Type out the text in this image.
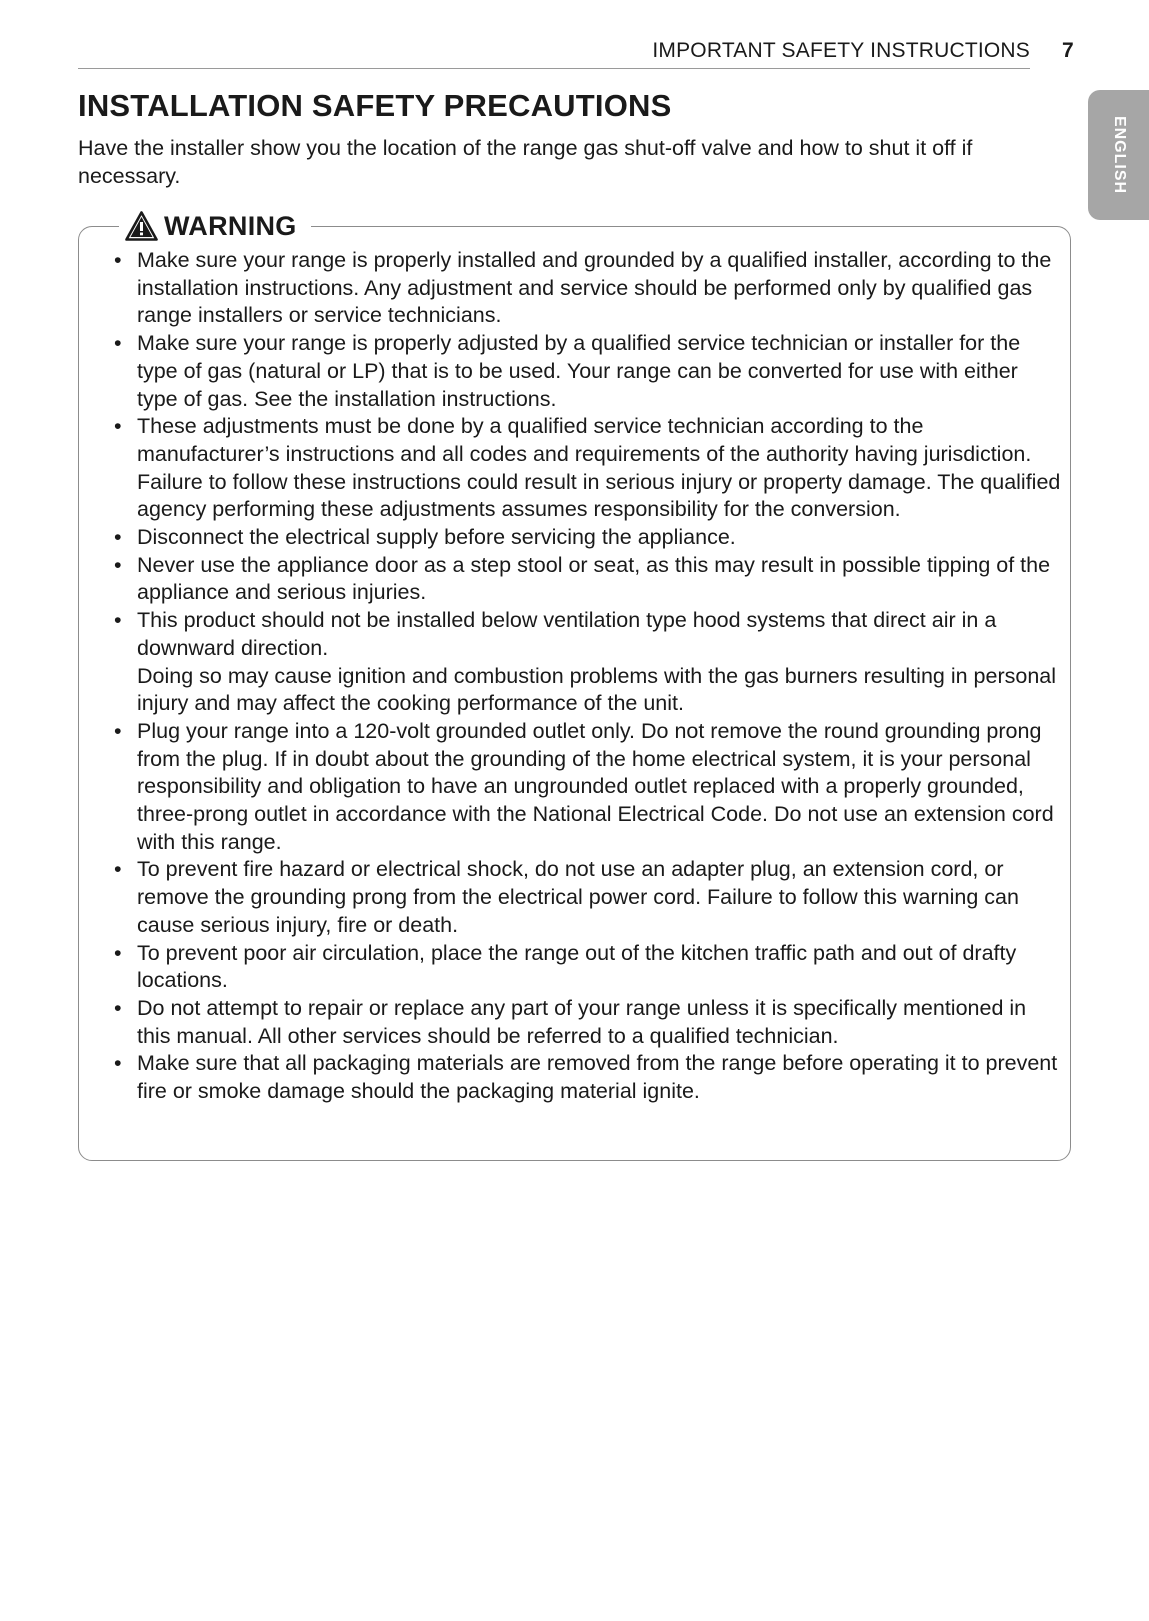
IMPORTANT SAFETY INSTRUCTIONS 7
ENGLISH
INSTALLATION SAFETY PRECAUTIONS

Have the installer show you the location of the range gas shut-off valve and how to shut it off if necessary.

WARNING
• Make sure your range is properly installed and grounded by a qualified installer, according to the installation instructions. Any adjustment and service should be performed only by qualified gas range installers or service technicians.
• Make sure your range is properly adjusted by a qualified service technician or installer for the type of gas (natural or LP) that is to be used. Your range can be converted for use with either type of gas. See the installation instructions.
• These adjustments must be done by a qualified service technician according to the manufacturer’s instructions and all codes and requirements of the authority having jurisdiction. Failure to follow these instructions could result in serious injury or property damage. The qualified agency performing these adjustments assumes responsibility for the conversion.
• Disconnect the electrical supply before servicing the appliance.
• Never use the appliance door as a step stool or seat, as this may result in possible tipping of the appliance and serious injuries.
• This product should not be installed below ventilation type hood systems that direct air in a downward direction.
Doing so may cause ignition and combustion problems with the gas burners resulting in personal injury and may affect the cooking performance of the unit.
• Plug your range into a 120-volt grounded outlet only. Do not remove the round grounding prong from the plug. If in doubt about the grounding of the home electrical system, it is your personal responsibility and obligation to have an ungrounded outlet replaced with a properly grounded, three-prong outlet in accordance with the National Electrical Code. Do not use an extension cord with this range.
• To prevent fire hazard or electrical shock, do not use an adapter plug, an extension cord, or remove the grounding prong from the electrical power cord. Failure to follow this warning can cause serious injury, fire or death.
• To prevent poor air circulation, place the range out of the kitchen traffic path and out of drafty locations.
• Do not attempt to repair or replace any part of your range unless it is specifically mentioned in this manual. All other services should be referred to a qualified technician.
• Make sure that all packaging materials are removed from the range before operating it to prevent fire or smoke damage should the packaging material ignite.
